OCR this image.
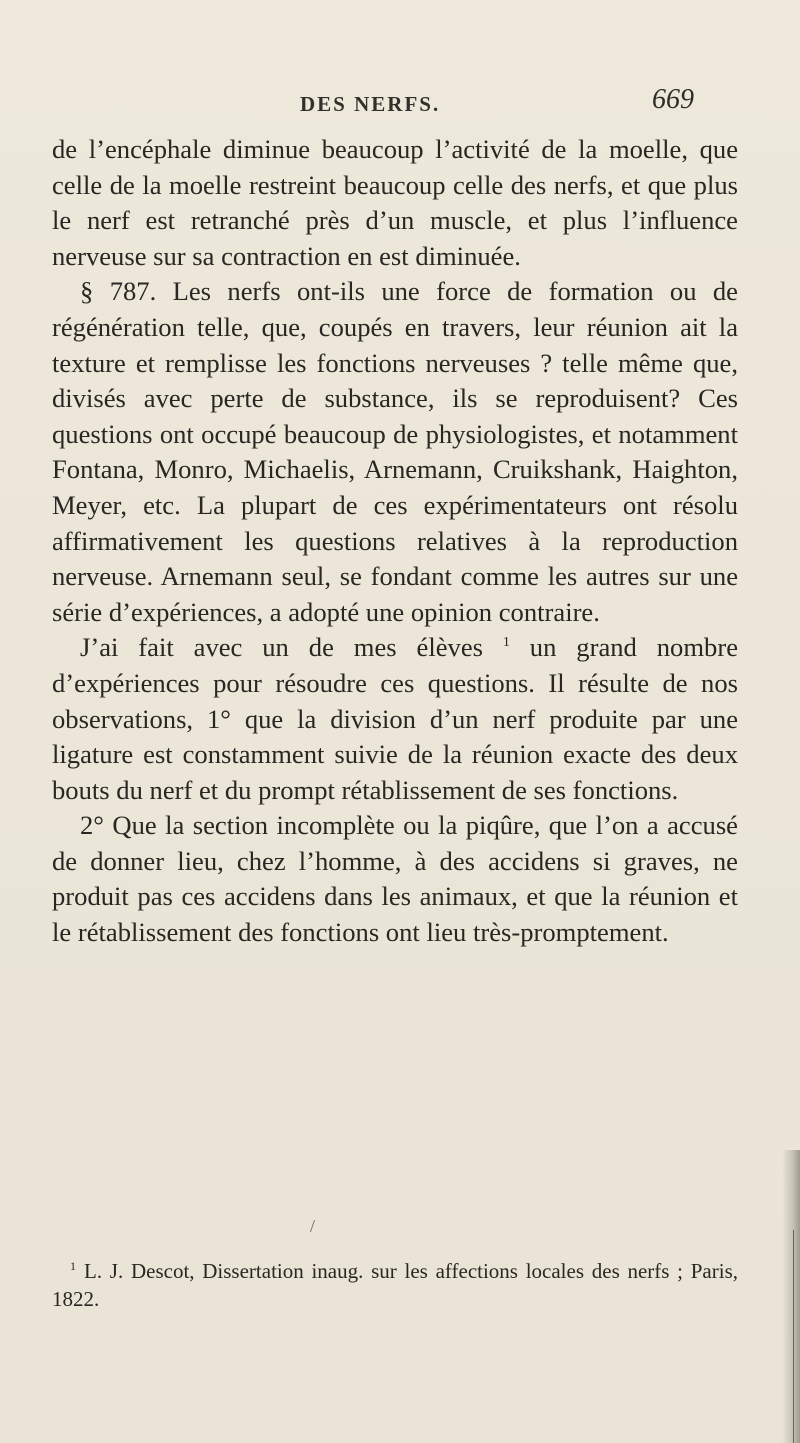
DES NERFS.	669

de l’encéphale diminue beaucoup l’activité de la moelle, que celle de la moelle restreint beaucoup celle des nerfs, et que plus le nerf est retranché près d’un muscle, et plus l’influence nerveuse sur sa contraction en est diminuée.

§ 787. Les nerfs ont-ils une force de formation ou de régénération telle, que, coupés en travers, leur réunion ait la texture et remplisse les fonctions nerveuses ? telle même que, divisés avec perte de substance, ils se reproduisent? Ces questions ont occupé beaucoup de physiologistes, et notamment Fontana, Monro, Michaelis, Arnemann, Cruikshank, Haighton, Meyer, etc. La plupart de ces expérimentateurs ont résolu affirmativement les questions relatives à la reproduction nerveuse. Arnemann seul, se fondant comme les autres sur une série d’expériences, a adopté une opinion contraire.

J’ai fait avec un de mes élèves $^1$ un grand nombre d’expériences pour résoudre ces questions. Il résulte de nos observations, 1° que la division d’un nerf produite par une ligature est constamment suivie de la réunion exacte des deux bouts du nerf et du prompt rétablissement de ses fonctions.

2° Que la section incomplète ou la piqûre, que l’on a accusé de donner lieu, chez l’homme, à des accidens si graves, ne produit pas ces accidens dans les animaux, et que la réunion et le rétablissement des fonctions ont lieu très-promptement.

/
$^1$ L. J. Descot, Dissertation inaug. sur les affections locales des nerfs ; Paris, 1822.
